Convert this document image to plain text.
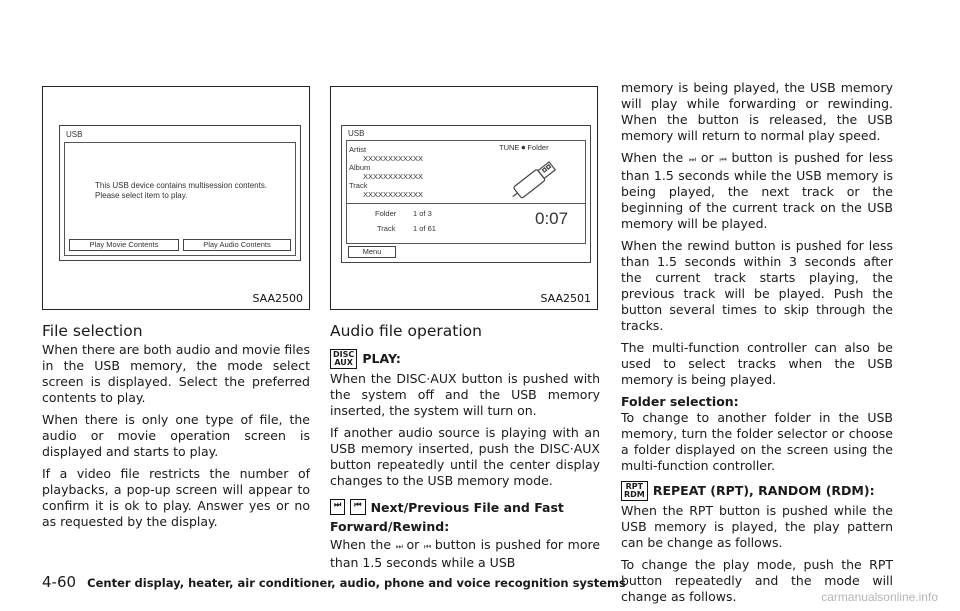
USB
This USB device contains multisession contents. Please select item to play.
Play Movie Contents	Play Audio Contents
SAA2500
File selection

When there are both audio and movie files in the USB memory, the mode select screen is displayed. Select the preferred contents to play.

When there is only one type of file, the audio or movie operation screen is displayed and starts to play.

If a video file restricts the number of playbacks, a pop-up screen will appear to confirm it is ok to play. Answer yes or no as requested by the display.

USB
Artist
XXXXXXXXXXXX
Album
XXXXXXXXXXXX
Track
XXXXXXXXXXXX
TUNE ⏺ Folder
Folder 1 of 3
Track 1 of 61
0:07
Menu
SAA2501
Audio file operation
DISC
AUX PLAY:

When the DISC·AUX button is pushed with the system off and the USB memory inserted, the system will turn on.

If another audio source is playing with an USB memory inserted, push the DISC·AUX button repeatedly until the center display changes to the USB memory mode.

⏭ ⏮ Next/Previous File and Fast Forward/Rewind:

When the ⏭ or ⏮ button is pushed for more than 1.5 seconds while a USB

memory is being played, the USB memory will play while forwarding or rewinding. When the button is released, the USB memory will return to normal play speed.

When the ⏭ or ⏮ button is pushed for less than 1.5 seconds while the USB memory is being played, the next track or the beginning of the current track on the USB memory will be played.

When the rewind button is pushed for less than 1.5 seconds within 3 seconds after the current track starts playing, the previous track will be played. Push the button several times to skip through the tracks.

The multi-function controller can also be used to select tracks when the USB memory is being played.

Folder selection:

To change to another folder in the USB memory, turn the folder selector or choose a folder displayed on the screen using the multi-function controller.

RPT
RDM REPEAT (RPT), RANDOM (RDM):

When the RPT button is pushed while the USB memory is played, the play pattern can be change as follows.

To change the play mode, push the RPT button repeatedly and the mode will change as follows.

4-60 Center display, heater, air conditioner, audio, phone and voice recognition systems
carmanualsonline.info
